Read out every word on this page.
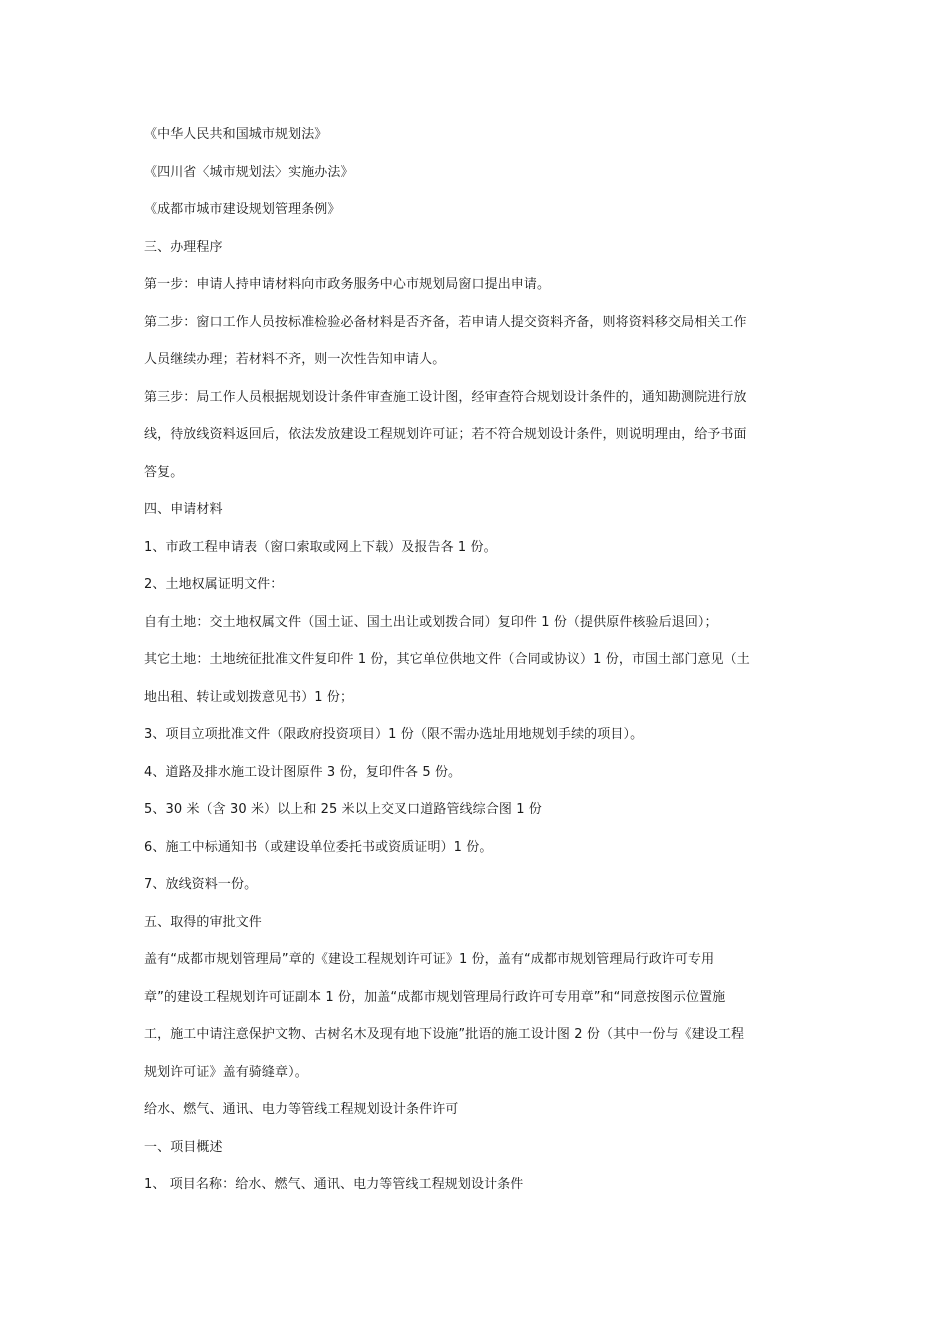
《中华人民共和国城市规划法》
《四川省〈城市规划法〉实施办法》
《成都市城市建设规划管理条例》
三、办理程序
第一步：申请人持申请材料向市政务服务中心市规划局窗口提出申请。
第二步：窗口工作人员按标准检验必备材料是否齐备，若申请人提交资料齐备，则将资料移交局相关工作
人员继续办理；若材料不齐，则一次性告知申请人。
第三步：局工作人员根据规划设计条件审查施工设计图，经审查符合规划设计条件的，通知勘测院进行放
线，待放线资料返回后，依法发放建设工程规划许可证；若不符合规划设计条件，则说明理由，给予书面
答复。
四、申请材料
1、市政工程申请表（窗口索取或网上下载）及报告各 1 份。
2、土地权属证明文件：
自有土地：交土地权属文件（国土证、国土出让或划拨合同）复印件 1 份（提供原件核验后退回）；
其它土地：土地统征批准文件复印件 1 份，其它单位供地文件（合同或协议）1 份，市国土部门意见（土
地出租、转让或划拨意见书）1 份；
3、项目立项批准文件（限政府投资项目）1 份（限不需办选址用地规划手续的项目）。
4、道路及排水施工设计图原件 3 份，复印件各 5 份。
5、30 米（含 30 米）以上和 25 米以上交叉口道路管线综合图 1 份
6、施工中标通知书（或建设单位委托书或资质证明）1 份。
7、放线资料一份。
五、取得的审批文件
盖有“成都市规划管理局”章的《建设工程规划许可证》1 份，盖有“成都市规划管理局行政许可专用
章”的建设工程规划许可证副本 1 份，加盖“成都市规划管理局行政许可专用章”和“同意按图示位置施
工，施工中请注意保护文物、古树名木及现有地下设施”批语的施工设计图 2 份（其中一份与《建设工程
规划许可证》盖有骑缝章）。
给水、燃气、通讯、电力等管线工程规划设计条件许可
一、项目概述
1、 项目名称：给水、燃气、通讯、电力等管线工程规划设计条件
